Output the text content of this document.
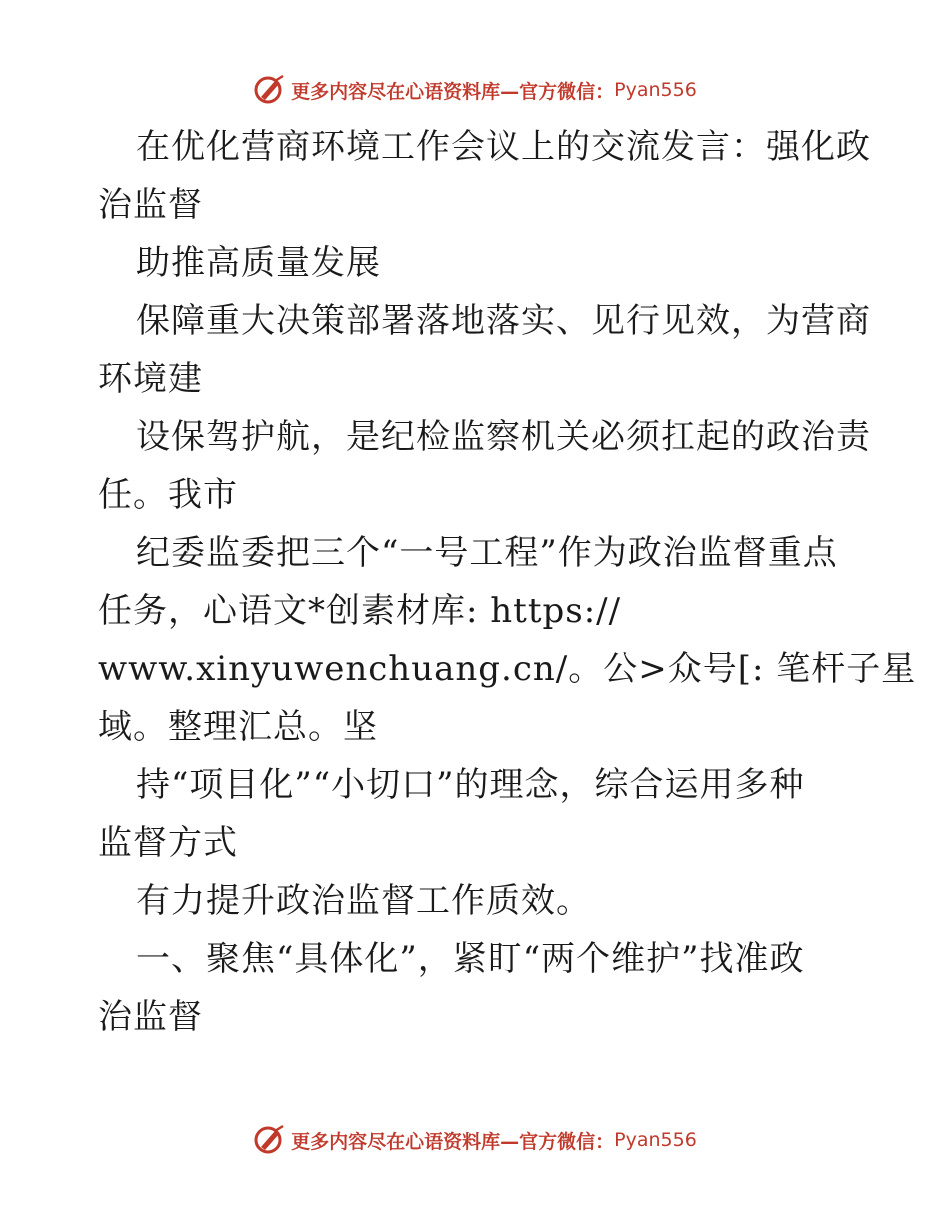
更多内容尽在心语资料库—官方微信： Pyan556
在优化营商环境工作会议上的交流发言：强化政
治监督
助推高质量发展
保障重大决策部署落地落实、见行见效，为营商
环境建
设保驾护航，是纪检监察机关必须扛起的政治责
任。我市
纪委监委把三个“一号工程”作为政治监督重点
任务，心语文*创素材库: https://
www.xinyuwenchuang.cn/。公>众号[: 笔杆子星
域。整理汇总。坚
持“项目化”“小切口”的理念，综合运用多种
监督方式
有力提升政治监督工作质效。
一、聚焦“具体化”，紧盯“两个维护”找准政
治监督
更多内容尽在心语资料库—官方微信： Pyan556
